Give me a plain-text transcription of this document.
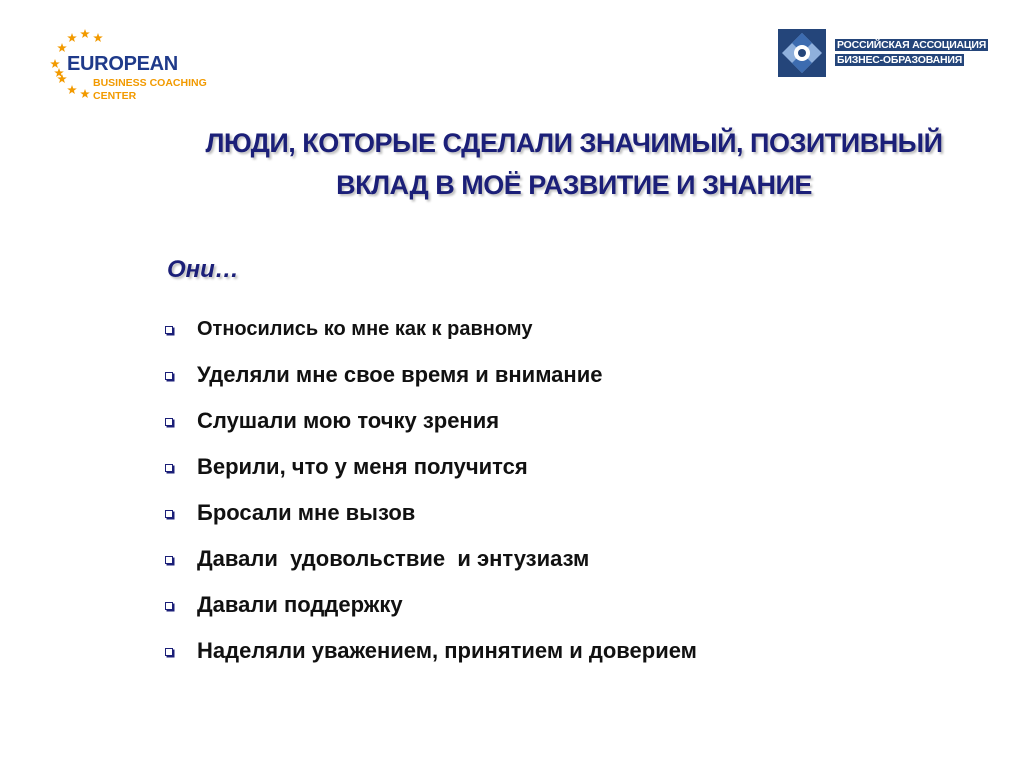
EUROPEAN
BUSINESS COACHING
CENTER
РОССИЙСКАЯ АССОЦИАЦИЯ
БИЗНЕС-ОБРАЗОВАНИЯ
ЛЮДИ, КОТОРЫЕ СДЕЛАЛИ ЗНАЧИМЫЙ, ПОЗИТИВНЫЙ
ВКЛАД В МОЁ РАЗВИТИЕ И ЗНАНИЕ
Они…
Относились ко мне как к равному
Уделяли мне свое время и внимание
Слушали мою точку зрения
Верили, что у меня получится
Бросали мне вызов
Давали  удовольствие  и энтузиазм
Давали поддержку
Наделяли уважением, принятием и доверием
